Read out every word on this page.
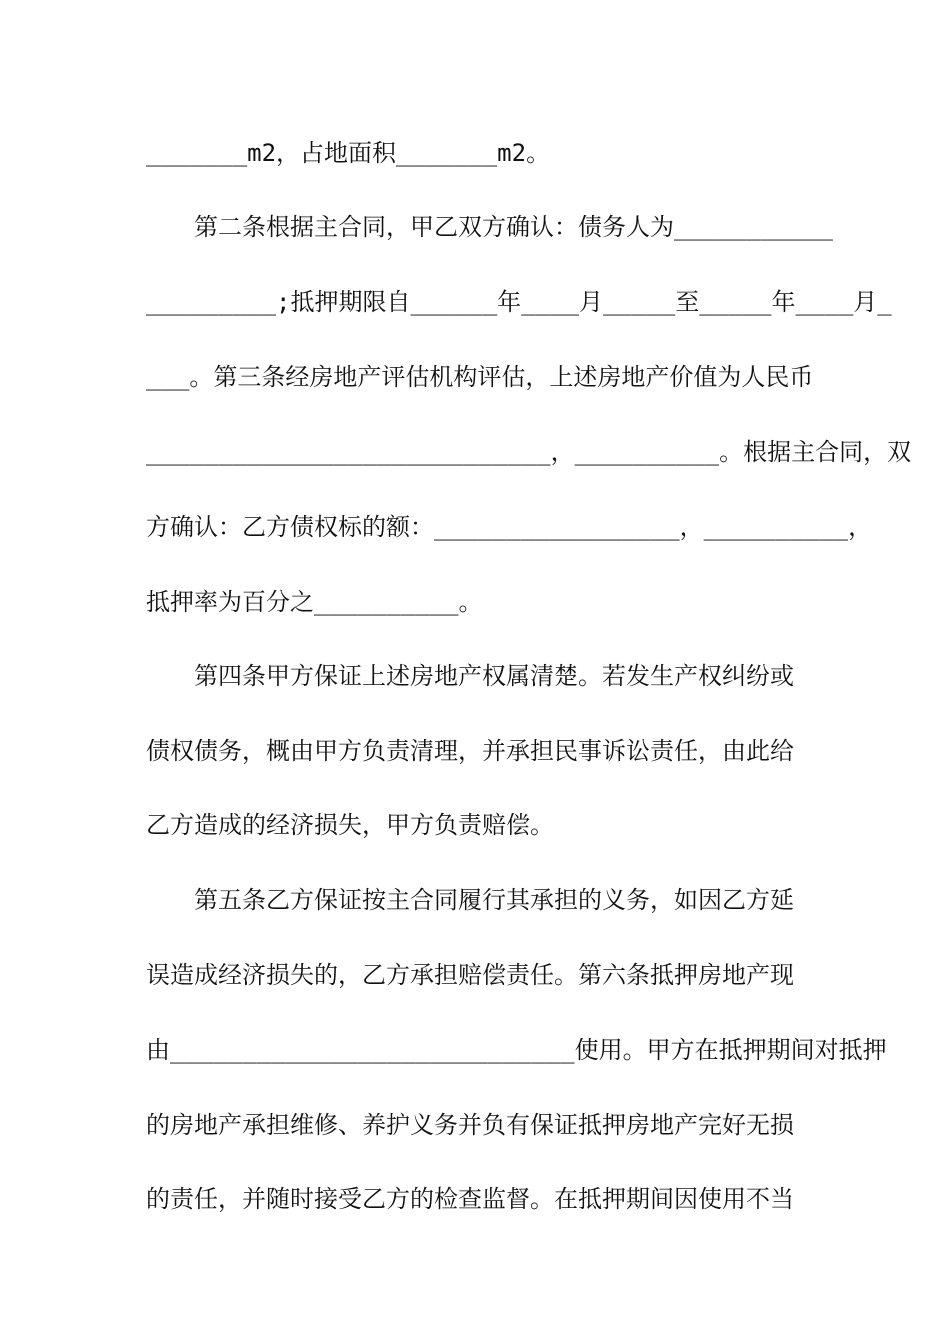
_______m2，占地面积_______m2。
第二条根据主合同，甲乙双方确认：债务人为___________
_________;抵押期限自______年____月_____至_____年____月_
___。第三条经房地产评估机构评估，上述房地产价值为人民币
____________________________，__________。根据主合同，双
方确认：乙方债权标的额：_________________，__________，
抵押率为百分之__________。
第四条甲方保证上述房地产权属清楚。若发生产权纠纷或
债权债务，概由甲方负责清理，并承担民事诉讼责任，由此给
乙方造成的经济损失，甲方负责赔偿。
第五条乙方保证按主合同履行其承担的义务，如因乙方延
误造成经济损失的，乙方承担赔偿责任。第六条抵押房地产现
由____________________________使用。甲方在抵押期间对抵押
的房地产承担维修、养护义务并负有保证抵押房地产完好无损
的责任，并随时接受乙方的检查监督。在抵押期间因使用不当
